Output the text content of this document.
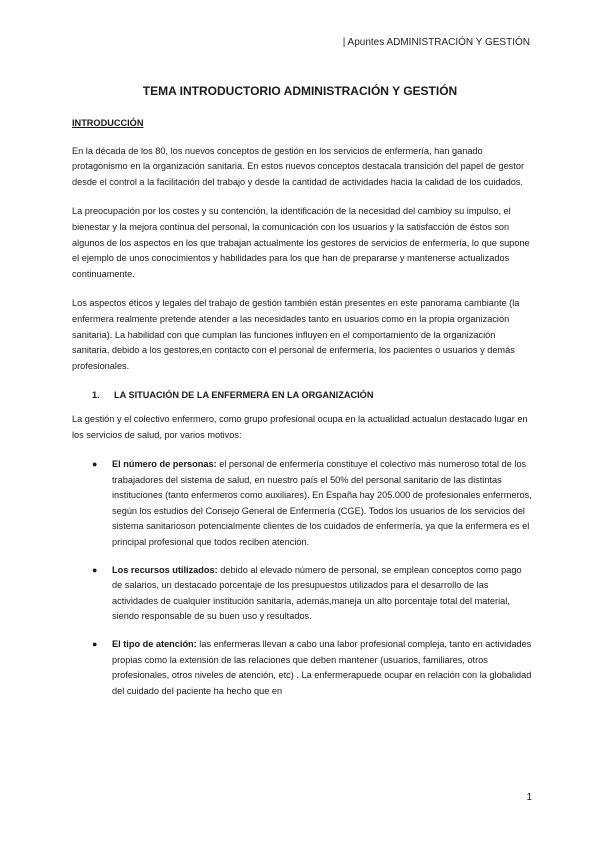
| Apuntes ADMINISTRACIÓN Y GESTIÓN
TEMA INTRODUCTORIO ADMINISTRACIÓN Y GESTIÓN
INTRODUCCIÓN

En la década de los 80, los nuevos conceptos de gestión en los servicios de enfermería, han ganado protagonismo en la organización sanitaria. En estos nuevos conceptos destacala transición del papel de gestor desde el control a la facilitación del trabajo y desde la cantidad de actividades hacia la calidad de los cuidados.

La preocupación por los costes y su contención, la identificación de la necesidad del cambioy su impulso, el bienestar y la mejora continua del personal, la comunicación con los usuarios y la satisfacción de éstos son algunos de los aspectos en los que trabajan actualmente los gestores de servicios de enfermería, lo que supone el ejemplo de unos conocimientos y habilidades para los que han de prepararse y mantenerse actualizados continuamente.

Los aspectos éticos y legales del trabajo de gestión también están presentes en este panorama cambiante (la enfermera realmente pretende atender a las necesidades tanto en usuarios como en la propia organización sanitaria). La habilidad con que cumplan las funciones influyen en el comportamiento de la organización sanitaria, debido a los gestores,en contacto con el personal de enfermería, los pacientes o usuarios y demás profesionales.

1. LA SITUACIÓN DE LA ENFERMERA EN LA ORGANIZACIÓN

La gestión y el colectivo enfermero, como grupo profesional ocupa en la actualidad actualun destacado lugar en los servicios de salud, por varios motivos:

●	El número de personas: el personal de enfermería constituye el colectivo más numeroso total de los trabajadores del sistema de salud, en nuestro país el 50% del personal sanitario de las distintas instituciones (tanto enfermeros como auxiliares). En España hay 205.000 de profesionales enfermeros, según los estudios del Consejo General de Enfermería (CGE). Todos los usuarios de los servicios del sistema sanitarioson potencialmente clientes de los cuidados de enfermería, ya que la enfermera es el principal profesional que todos reciben atención.
●	Los recursos utilizados: debido al elevado número de personal, se emplean conceptos como pago de salarios, un destacado porcentaje de los presupuestos utilizados para el desarrollo de las actividades de cualquier institución sanitaria, además,maneja un alto porcentaje total del material, siendo responsable de su buen uso y resultados.
●	El tipo de atención: las enfermeras llevan a cabo una labor profesional compleja, tanto en actividades propias como la extensión de las relaciones que deben mantener (usuarios, familiares, otros profesionales, otros niveles de atención, etc) . La enfermerapuede ocupar en relación con la globalidad del cuidado del paciente ha hecho que en
1
